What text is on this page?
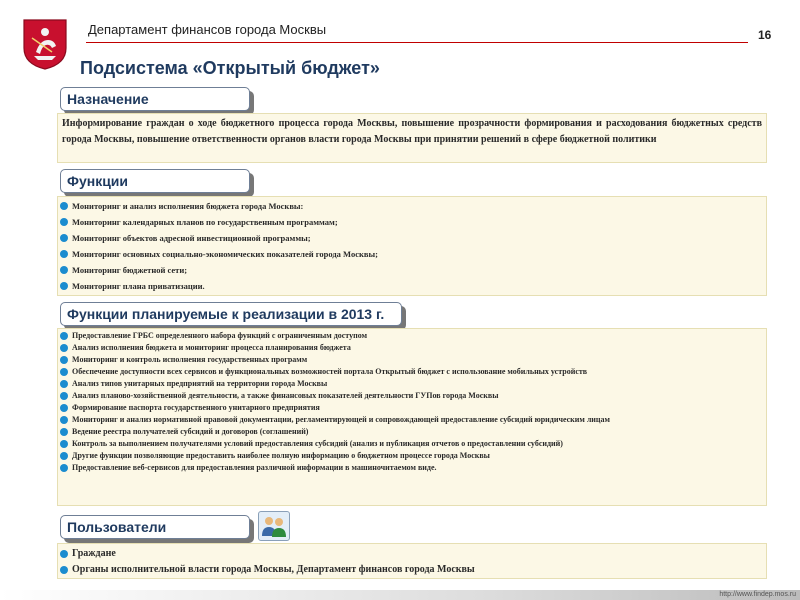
Департамент финансов города Москвы	16
Подсистема «Открытый бюджет»
Назначение
Информирование граждан о ходе бюджетного процесса города Москвы, повышение прозрачности формирования и расходования бюджетных средств города Москвы, повышение ответственности органов власти города Москвы при принятии решений в сфере бюджетной политики
Функции
Мониторинг и анализ исполнения бюджета города Москвы:
Мониторинг календарных планов по государственным программам;
Мониторинг объектов адресной инвестиционной программы;
Мониторинг основных социально-экономических показателей города Москвы;
Мониторинг бюджетной сети;
Мониторинг плана приватизации.
Функции планируемые к реализации в 2013 г.
Предоставление ГРБС определенного набора функций с ограниченным доступом
Анализ исполнения бюджета и мониторинг процесса планирования бюджета
Мониторинг и контроль исполнения государственных программ
Обеспечение доступности всех сервисов и функциональных возможностей портала Открытый бюджет с использование мобильных устройств
Анализ типов унитарных предприятий на территории города Москвы
Анализ планово-хозяйственной деятельности, а также финансовых показателей деятельности ГУПов города Москвы
Формирование паспорта государственного унитарного предприятия
Мониторинг и анализ нормативной правовой документации, регламентирующей и сопровождающей предоставление субсидий юридическим лицам
Ведение реестра получателей субсидий и договоров (соглашений)
Контроль за выполнением получателями условий предоставления субсидий (анализ и публикация отчетов о предоставлении субсидий)
Другие функции позволяющие предоставить наиболее полную информацию о бюджетном процессе города Москвы
Предоставление веб-сервисов для предоставления различной информации в машиночитаемом виде.
Пользователи
Граждане
Органы исполнительной власти города Москвы, Департамент финансов города Москвы
http://www.findep.mos.ru
